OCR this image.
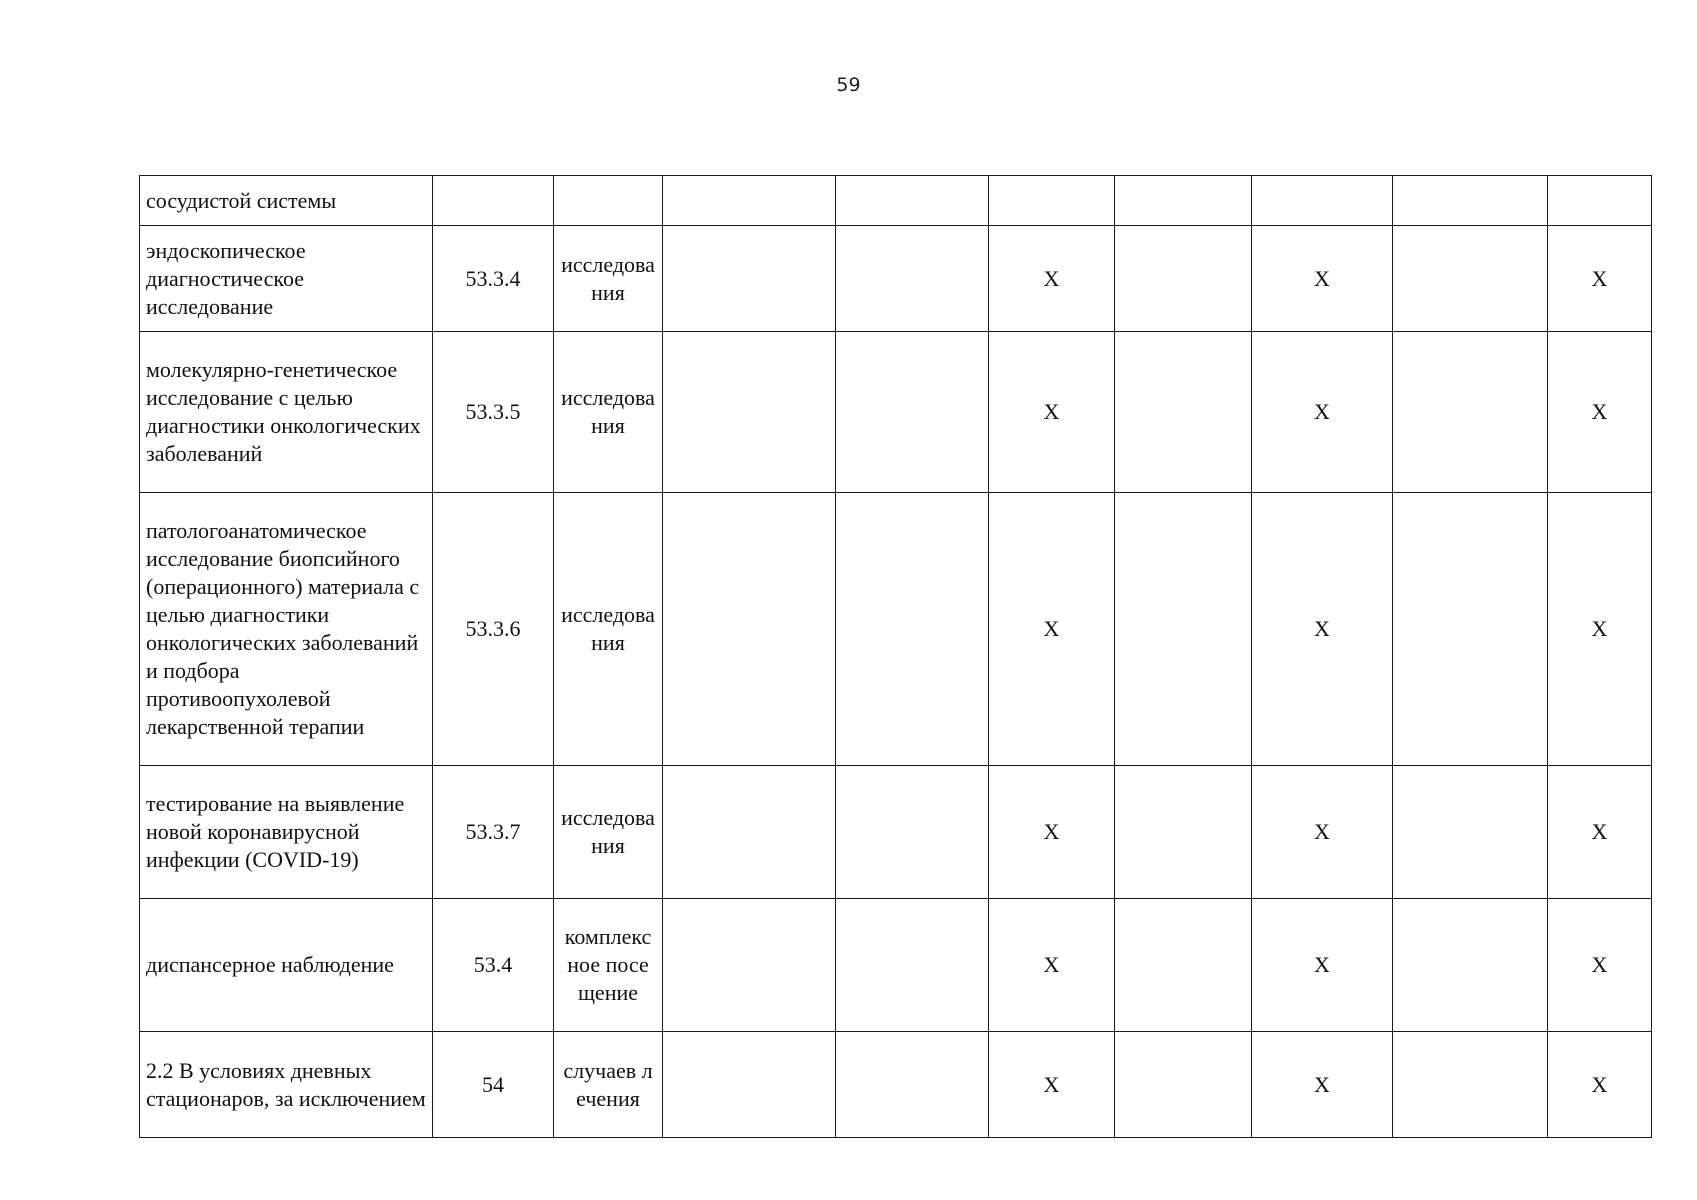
59
сосудистой системы									
эндоскопическое диагностическое исследование	53.3.4	исследования			X		X		X
молекулярно-генетическое исследование с целью диагностики онкологических заболеваний	53.3.5	исследования			X		X		X
патологоанатомическое исследование биопсийного (операционного) материала с целью диагностики онкологических заболеваний и подбора противоопухолевой лекарственной терапии	53.3.6	исследования			X		X		X
тестирование на выявление новой коронавирусной инфекции (COVID-19)	53.3.7	исследования			X		X		X
диспансерное наблюдение	53.4	комплексное посещение			X		X		X
2.2 В условиях дневных стационаров, за исключением	54	случаев лечения			X		X		X
